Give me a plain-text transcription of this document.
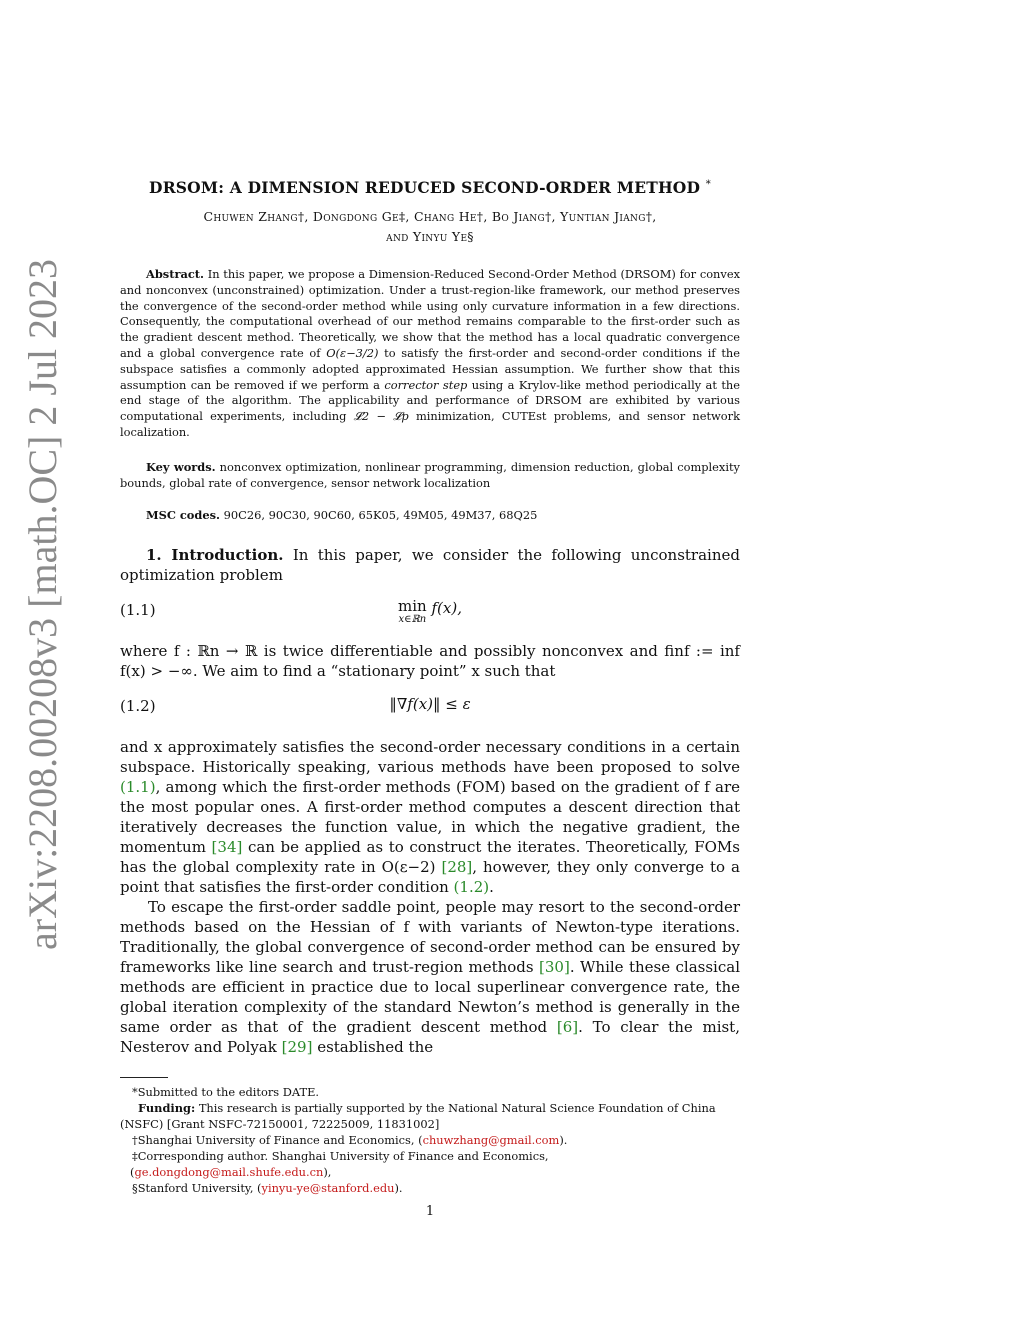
arXiv:2208.00208v3 [math.OC] 2 Jul 2023
DRSOM: A DIMENSION REDUCED SECOND-ORDER METHOD *
Chuwen Zhang†, Dongdong Ge‡, Chang He†, Bo Jiang†, Yuntian Jiang†,
and Yinyu Ye§
Abstract. In this paper, we propose a Dimension-Reduced Second-Order Method (DRSOM) for convex and nonconvex (unconstrained) optimization. Under a trust-region-like framework, our method preserves the convergence of the second-order method while using only curvature information in a few directions. Consequently, the computational overhead of our method remains comparable to the first-order such as the gradient descent method. Theoretically, we show that the method has a local quadratic convergence and a global convergence rate of O(ε−3/2) to satisfy the first-order and second-order conditions if the subspace satisfies a commonly adopted approximated Hessian assumption. We further show that this assumption can be removed if we perform a corrector step using a Krylov-like method periodically at the end stage of the algorithm. The applicability and performance of DRSOM are exhibited by various computational experiments, including 𝓛2 − 𝓛p minimization, CUTEst problems, and sensor network localization.
Key words. nonconvex optimization, nonlinear programming, dimension reduction, global complexity bounds, global rate of convergence, sensor network localization
MSC codes. 90C26, 90C30, 90C60, 65K05, 49M05, 49M37, 68Q25
1. Introduction. In this paper, we consider the following unconstrained optimization problem
(1.1)	min
x∈ℝn
f(x),
where f : ℝn → ℝ is twice differentiable and possibly nonconvex and finf := inf f(x) > −∞. We aim to find a “stationary point” x such that
(1.2)	‖∇f(x)‖ ≤ ε
and x approximately satisfies the second-order necessary conditions in a certain subspace. Historically speaking, various methods have been proposed to solve (1.1), among which the first-order methods (FOM) based on the gradient of f are the most popular ones. A first-order method computes a descent direction that iteratively decreases the function value, in which the negative gradient, the momentum [34] can be applied as to construct the iterates. Theoretically, FOMs has the global complexity rate in O(ε−2) [28], however, they only converge to a point that satisfies the first-order condition (1.2).
To escape the first-order saddle point, people may resort to the second-order methods based on the Hessian of f with variants of Newton-type iterations. Traditionally, the global convergence of second-order method can be ensured by frameworks like line search and trust-region methods [30]. While these classical methods are efficient in practice due to local superlinear convergence rate, the global iteration complexity of the standard Newton’s method is generally in the same order as that of the gradient descent method [6]. To clear the mist, Nesterov and Polyak [29] established the
*Submitted to the editors DATE.
Funding: This research is partially supported by the National Natural Science Foundation of China (NSFC) [Grant NSFC-72150001, 72225009, 11831002]
†Shanghai University of Finance and Economics, (chuwzhang@gmail.com).
‡Corresponding author. Shanghai University of Finance and Economics,
(ge.dongdong@mail.shufe.edu.cn),
§Stanford University, (yinyu-ye@stanford.edu).
1
